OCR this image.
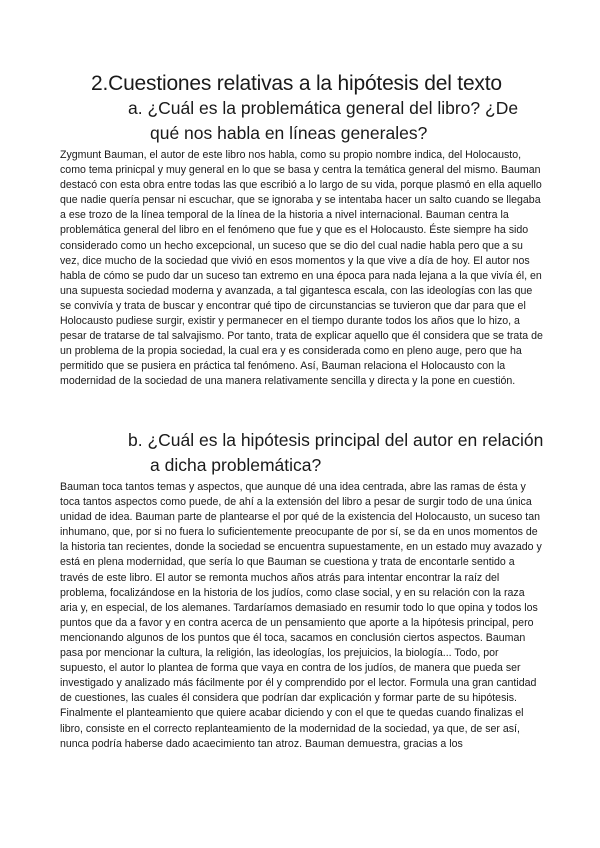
2.Cuestiones relativas a la hipótesis del texto
a. ¿Cuál es la problemática general del libro? ¿De qué nos habla en líneas generales?

Zygmunt Bauman, el autor de este libro nos habla, como su propio nombre indica, del Holocausto, como tema prinicpal y muy general en lo que se basa y centra la temática general del mismo. Bauman destacó con esta obra entre todas las que escribió a lo largo de su vida, porque plasmó en ella aquello que nadie quería pensar ni escuchar, que se ignoraba y se intentaba hacer un salto cuando se llegaba a ese trozo de la línea temporal de la línea de la historia a nivel internacional. Bauman centra la problemática general del libro en el fenómeno que fue y que es el Holocausto. Éste siempre ha sido considerado como un hecho excepcional, un suceso que se dio del cual nadie habla pero que a su vez, dice mucho de la sociedad que vivió en esos momentos y la que vive a día de hoy. El autor nos habla de cómo se pudo dar un suceso tan extremo en una época para nada lejana a la que vivía él, en una supuesta sociedad moderna y avanzada, a tal gigantesca escala, con las ideologías con las que se convivía y trata de buscar y encontrar qué tipo de circunstancias se tuvieron que dar para que el Holocausto pudiese surgir, existir y permanecer en el tiempo durante todos los años que lo hizo, a pesar de tratarse de tal salvajismo. Por tanto, trata de explicar aquello que él considera que se trata de un problema de la propia sociedad, la cual era y es considerada como en pleno auge, pero que ha permitido que se pusiera en práctica tal fenómeno. Así, Bauman relaciona el Holocausto con la modernidad de la sociedad de una manera relativamente sencilla y directa y la pone en cuestión.

b. ¿Cuál es la hipótesis principal del autor en relación a dicha problemática?

Bauman toca tantos temas y aspectos, que aunque dé una idea centrada, abre las ramas de ésta y toca tantos aspectos como puede, de ahí a la extensión del libro a pesar de surgir todo de una única unidad de idea. Bauman parte de plantearse el por qué de la existencia del Holocausto, un suceso tan inhumano, que, por si no fuera lo suficientemente preocupante de por sí, se da en unos momentos de la historia tan recientes, donde la sociedad se encuentra supuestamente, en un estado muy avazado y está en plena modernidad, que sería lo que Bauman se cuestiona y trata de encontarle sentido a través de este libro. El autor se remonta muchos años atrás para intentar encontrar la raíz del problema, focalizándose en la historia de los judíos, como clase social, y en su relación con la raza aria y, en especial, de los alemanes. Tardaríamos demasiado en resumir todo lo que opina y todos los puntos que da a favor y en contra acerca de un pensamiento que aporte a la hipótesis principal, pero mencionando algunos de los puntos que él toca, sacamos en conclusión ciertos aspectos. Bauman pasa por mencionar la cultura, la religión, las ideologías, los prejuicios, la biología... Todo, por supuesto, el autor lo plantea de forma que vaya en contra de los judíos, de manera que pueda ser investigado y analizado más fácilmente por él y comprendido por el lector. Formula una gran cantidad de cuestiones, las cuales él considera que podrían dar explicación y formar parte de su hipótesis. Finalmente el planteamiento que quiere acabar diciendo y con el que te quedas cuando finalizas el libro, consiste en el correcto replanteamiento de la modernidad de la sociedad, ya que, de ser así, nunca podría haberse dado acaecimiento tan atroz. Bauman demuestra, gracias a los
